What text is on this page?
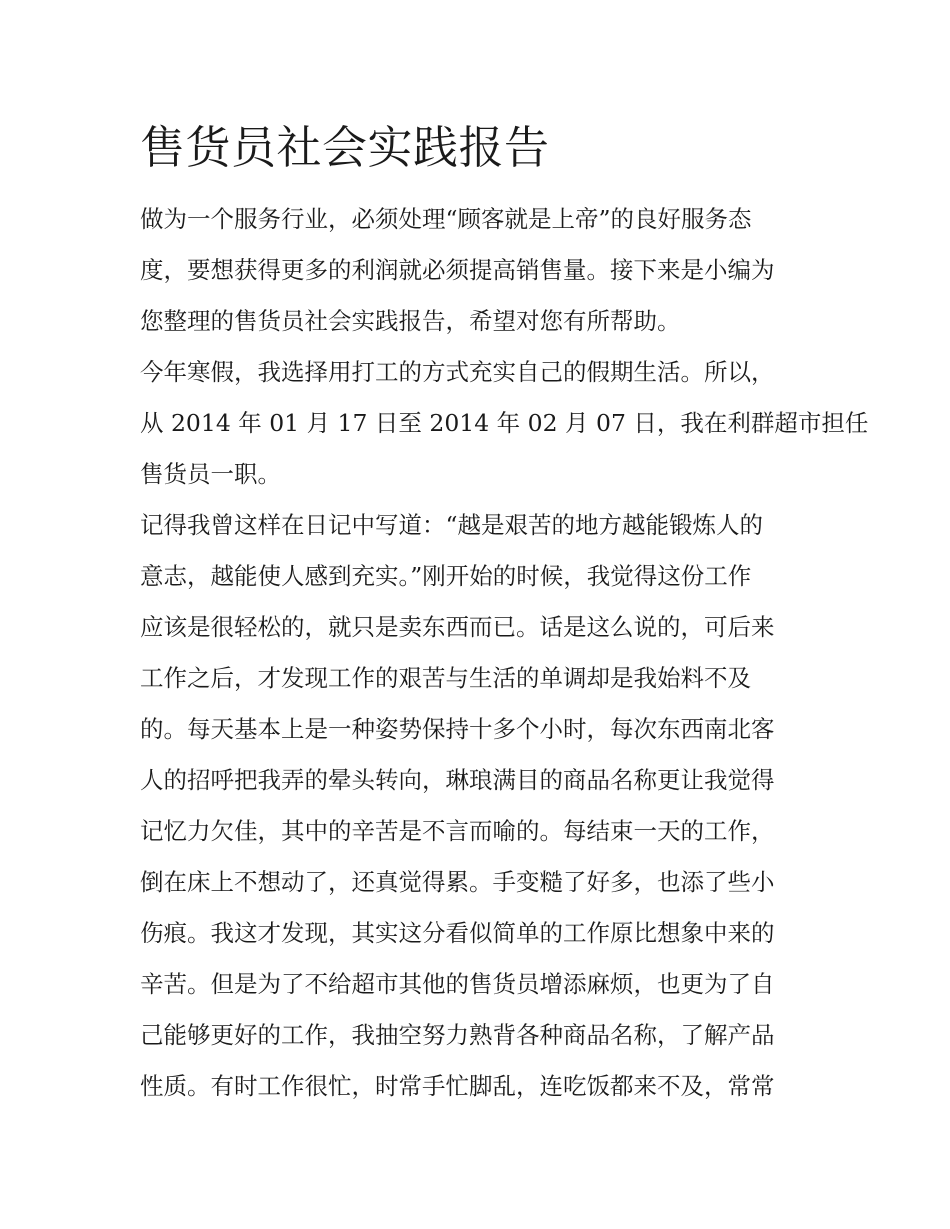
售货员社会实践报告
做为一个服务行业，必须处理“顾客就是上帝”的良好服务态
度，要想获得更多的利润就必须提高销售量。接下来是小编为
您整理的售货员社会实践报告，希望对您有所帮助。
今年寒假，我选择用打工的方式充实自己的假期生活。所以，
从 2014 年 01 月 17 日至 2014 年 02 月 07 日，我在利群超市担任
售货员一职。
记得我曾这样在日记中写道：“越是艰苦的地方越能锻炼人的
意志，越能使人感到充实。”刚开始的时候，我觉得这份工作
应该是很轻松的，就只是卖东西而已。话是这么说的，可后来
工作之后，才发现工作的艰苦与生活的单调却是我始料不及
的。每天基本上是一种姿势保持十多个小时，每次东西南北客
人的招呼把我弄的晕头转向，琳琅满目的商品名称更让我觉得
记忆力欠佳，其中的辛苦是不言而喻的。每结束一天的工作，
倒在床上不想动了，还真觉得累。手变糙了好多，也添了些小
伤痕。我这才发现，其实这分看似简单的工作原比想象中来的
辛苦。但是为了不给超市其他的售货员增添麻烦，也更为了自
己能够更好的工作，我抽空努力熟背各种商品名称，了解产品
性质。有时工作很忙，时常手忙脚乱，连吃饭都来不及，常常
